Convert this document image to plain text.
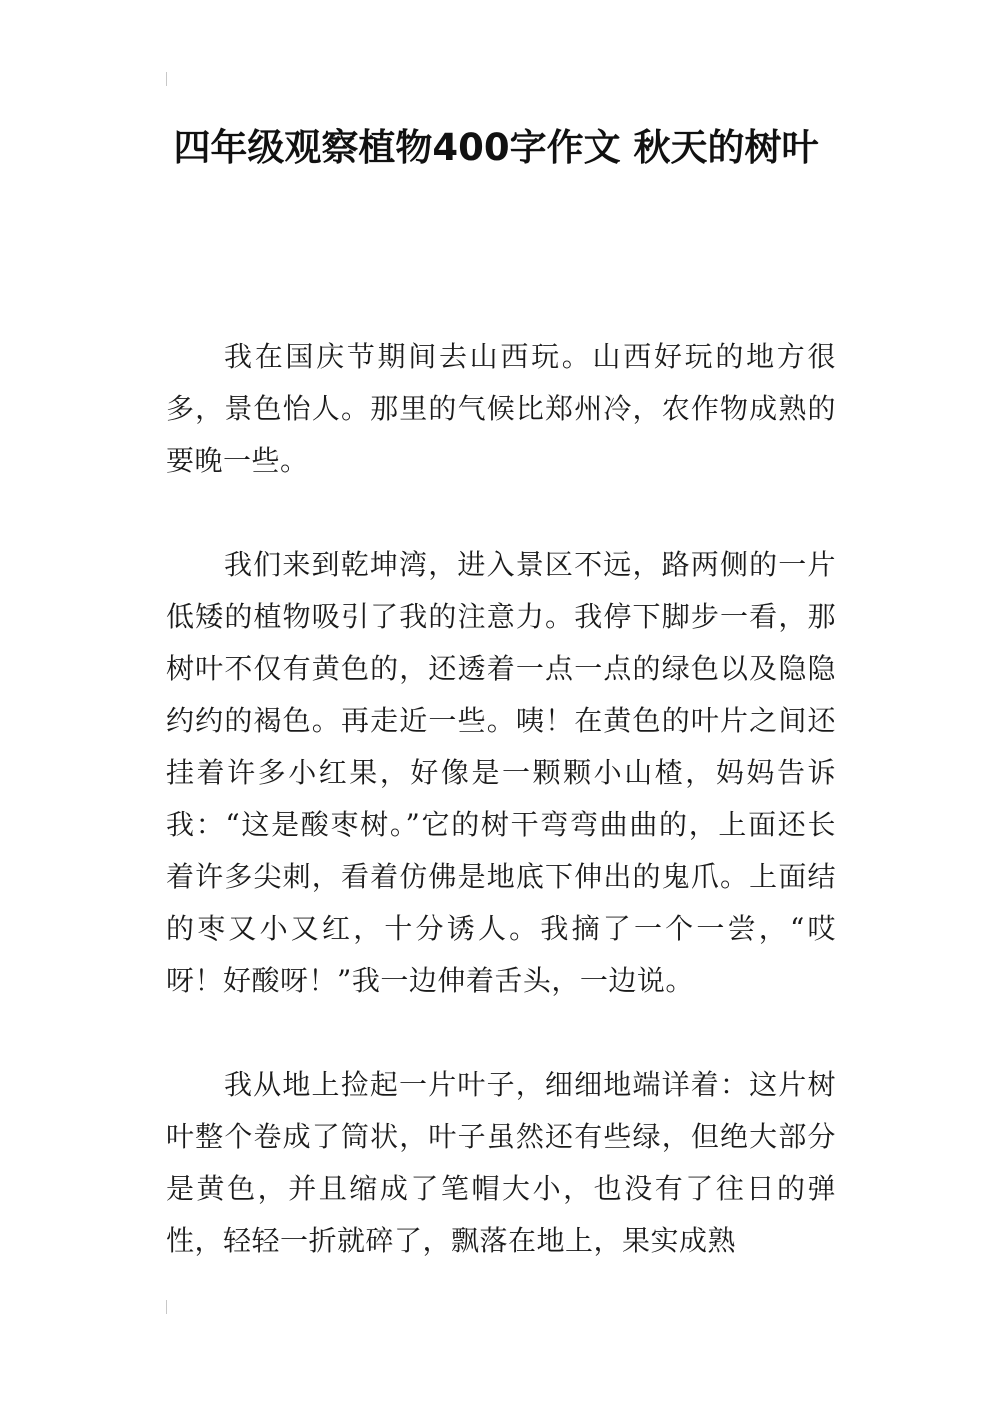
四年级观察植物400字作文 秋天的树叶

我在国庆节期间去山西玩。山西好玩的地方很多，景色怡人。那里的气候比郑州冷，农作物成熟的要晚一些。

我们来到乾坤湾，进入景区不远，路两侧的一片低矮的植物吸引了我的注意力。我停下脚步一看，那树叶不仅有黄色的，还透着一点一点的绿色以及隐隐约约的褐色。再走近一些。咦！在黄色的叶片之间还挂着许多小红果，好像是一颗颗小山楂，妈妈告诉我：“这是酸枣树。”它的树干弯弯曲曲的，上面还长着许多尖刺，看着仿佛是地底下伸出的鬼爪。上面结的枣又小又红，十分诱人。我摘了一个一尝，“哎呀！好酸呀！”我一边伸着舌头，一边说。

我从地上捡起一片叶子，细细地端详着：这片树叶整个卷成了筒状，叶子虽然还有些绿，但绝大部分是黄色，并且缩成了笔帽大小，也没有了往日的弹性，轻轻一折就碎了，飘落在地上，果实成熟
